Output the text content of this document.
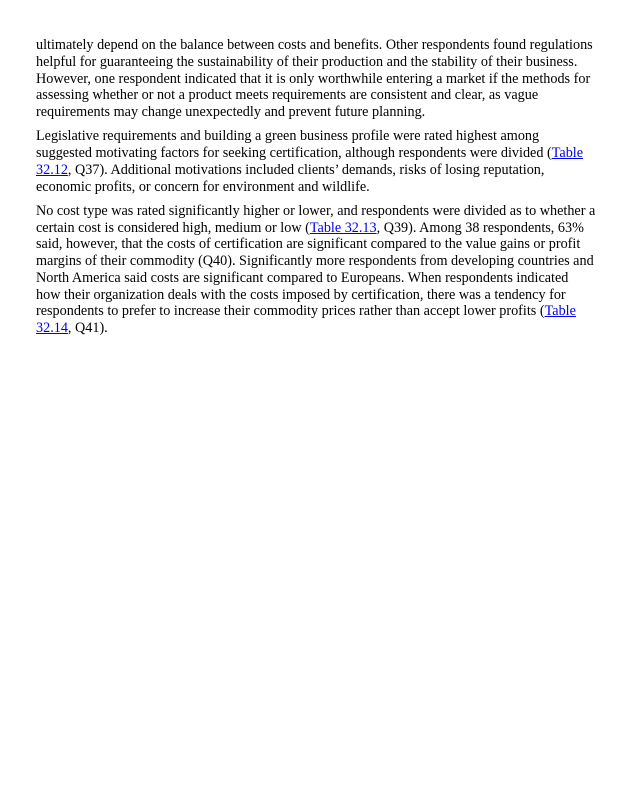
ultimately depend on the balance between costs and benefits. Other respondents found regulations helpful for guaranteeing the sustainability of their production and the stability of their business. However, one respondent indicated that it is only worthwhile entering a market if the methods for assessing whether or not a product meets requirements are consistent and clear, as vague requirements may change unexpectedly and prevent future planning.

Legislative requirements and building a green business profile were rated highest among suggested motivating factors for seeking certification, although respondents were divided (Table 32.12, Q37). Additional motivations included clients’ demands, risks of losing reputation, economic profits, or concern for environment and wildlife.

No cost type was rated significantly higher or lower, and respondents were divided as to whether a certain cost is considered high, medium or low (Table 32.13, Q39). Among 38 respondents, 63% said, however, that the costs of certification are significant compared to the value gains or profit margins of their commodity (Q40). Significantly more respondents from developing countries and North America said costs are significant compared to Europeans. When respondents indicated how their organization deals with the costs imposed by certification, there was a tendency for respondents to prefer to increase their commodity prices rather than accept lower profits (Table 32.14, Q41).
